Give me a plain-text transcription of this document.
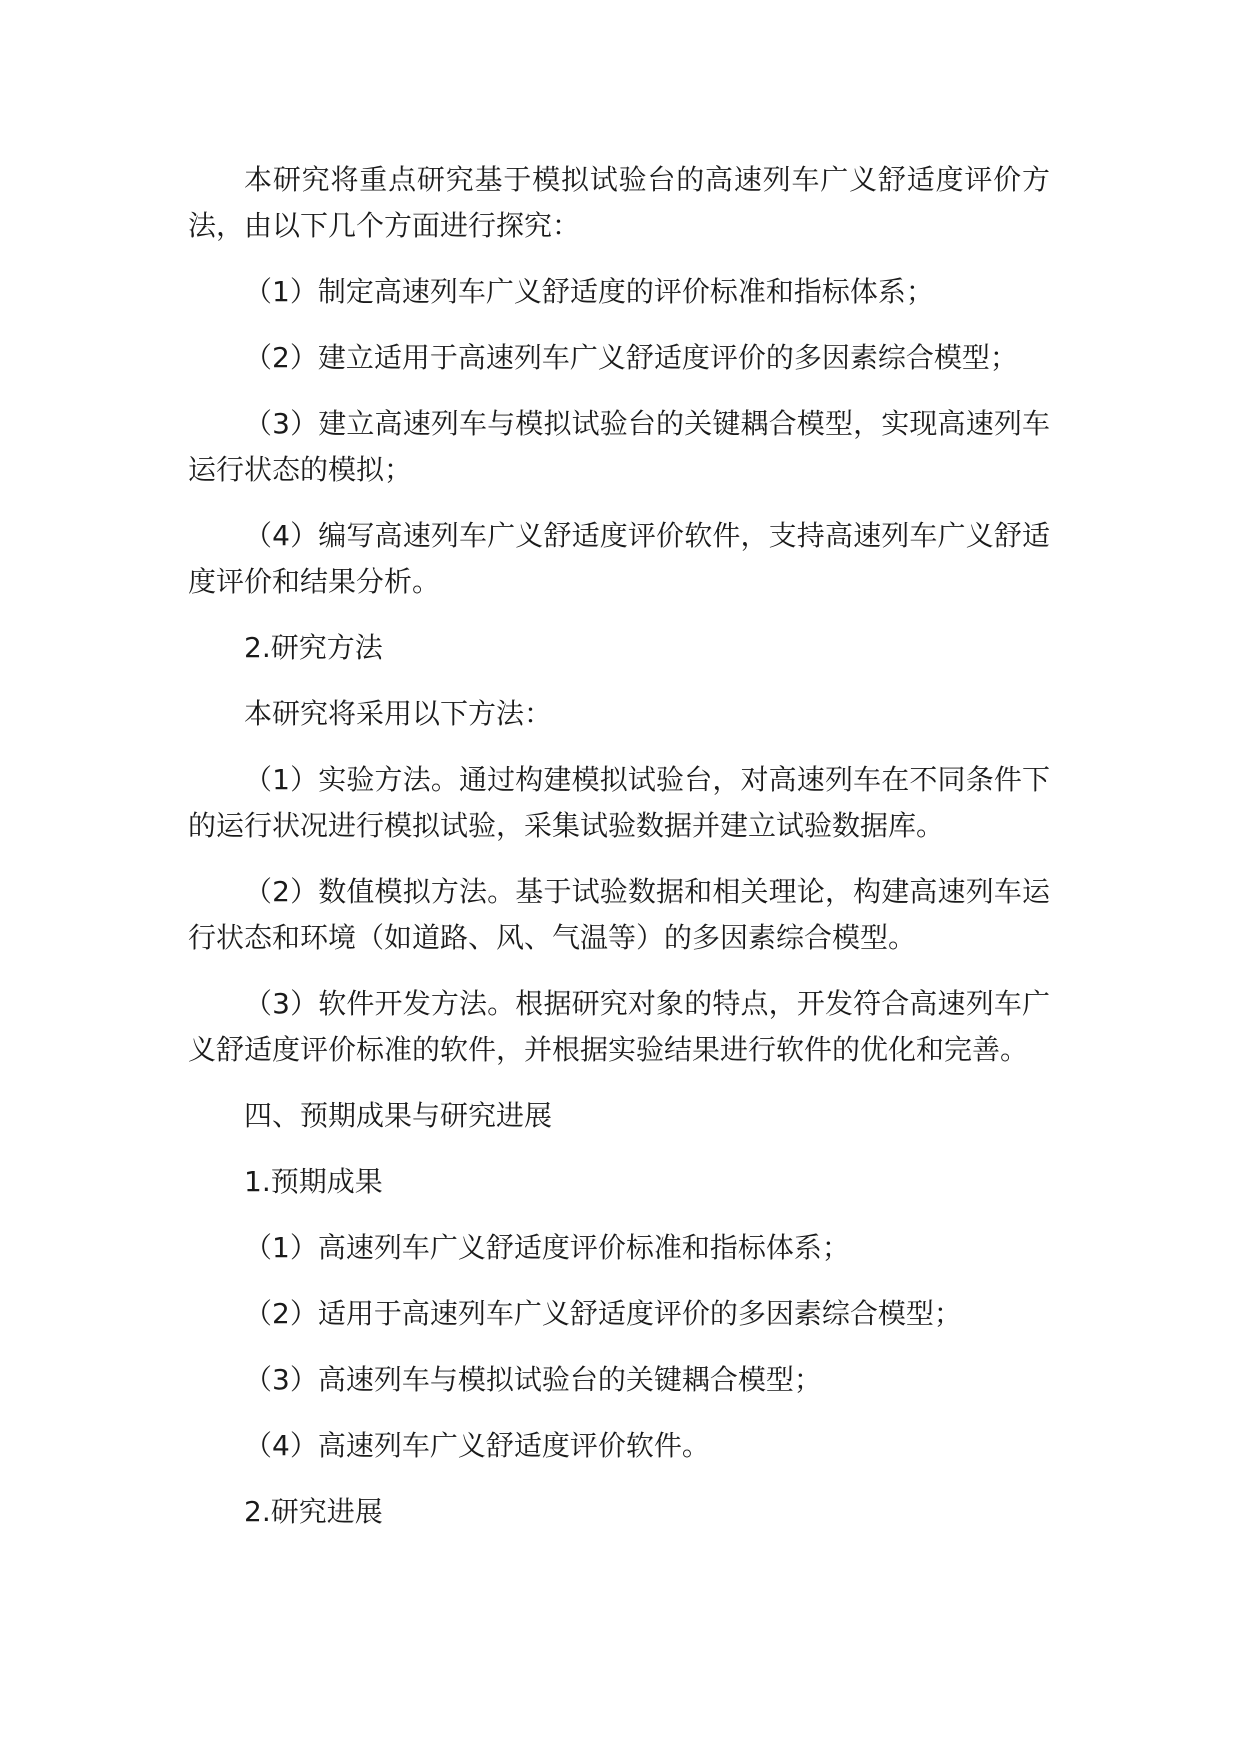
本研究将重点研究基于模拟试验台的高速列车广义舒适度评价方法，由以下几个方面进行探究：

（1）制定高速列车广义舒适度的评价标准和指标体系；

（2）建立适用于高速列车广义舒适度评价的多因素综合模型；

（3）建立高速列车与模拟试验台的关键耦合模型，实现高速列车运行状态的模拟；

（4）编写高速列车广义舒适度评价软件，支持高速列车广义舒适度评价和结果分析。

2.研究方法

本研究将采用以下方法：

（1）实验方法。通过构建模拟试验台，对高速列车在不同条件下的运行状况进行模拟试验，采集试验数据并建立试验数据库。

（2）数值模拟方法。基于试验数据和相关理论，构建高速列车运行状态和环境（如道路、风、气温等）的多因素综合模型。

（3）软件开发方法。根据研究对象的特点，开发符合高速列车广义舒适度评价标准的软件，并根据实验结果进行软件的优化和完善。

四、预期成果与研究进展

1.预期成果

（1）高速列车广义舒适度评价标准和指标体系；

（2）适用于高速列车广义舒适度评价的多因素综合模型；

（3）高速列车与模拟试验台的关键耦合模型；

（4）高速列车广义舒适度评价软件。

2.研究进展
